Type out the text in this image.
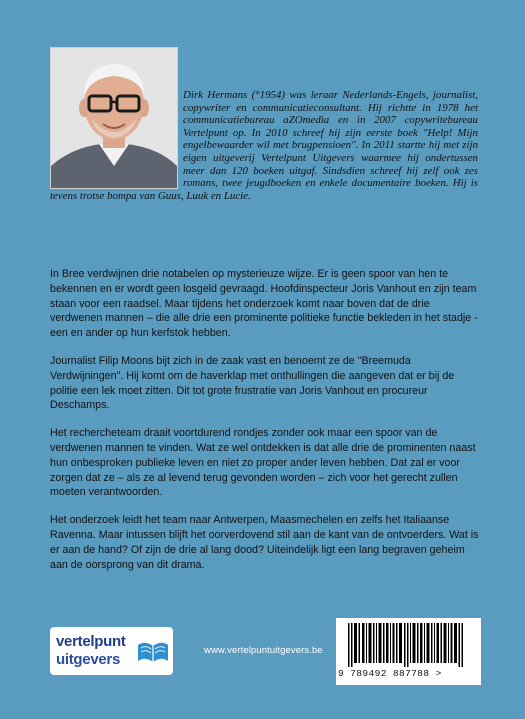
Dirk Hermans (°1954) was leraar Nederlands-Engels, journalist, copywriter en communicatieconsultant. Hij richtte in 1978 het communicatiebureau aZOmedia en in 2007 copywritebureau Vertelpunt op. In 2010 schreef hij zijn eerste boek "Help! Mijn engelbewaarder wil met brugpensioen". In 2011 startte hij met zijn eigen uitgeverij Vertelpunt Uitgevers waarmee hij ondertussen meer dan 120 boeken uitgaf. Sindsdien schreef hij zelf ook zes romans, twee jeugdboeken en enkele documentaire boeken. Hij is tevens trotse bompa van Guus, Luuk en Lucie.

In Bree verdwijnen drie notabelen op mysterieuze wijze. Er is geen spoor van hen te bekennen en er wordt geen losgeld gevraagd. Hoofdinspecteur Joris Vanhout en zijn team staan voor een raadsel. Maar tijdens het onderzoek komt naar boven dat de drie verdwenen mannen – die alle drie een prominente politieke functie bekleden in het stadje - een en ander op hun kerfstok hebben.

Journalist Filip Moons bijt zich in de zaak vast en benoemt ze de "Breemuda Verdwijningen". Hij komt om de haverklap met onthullingen die aangeven dat er bij de politie een lek moet zitten. Dit tot grote frustratie van Joris Vanhout en procureur Deschamps.

Het rechercheteam draait voortdurend rondjes zonder ook maar een spoor van de verdwenen mannen te vinden. Wat ze wel ontdekken is dat alle drie de prominenten naast hun onbesproken publieke leven en niet zo proper ander leven hebben. Dat zal er voor zorgen dat ze – als ze al levend terug gevonden worden – zich voor het gerecht zullen moeten verantwoorden.

Het onderzoek leidt het team naar Antwerpen, Maasmechelen en zelfs het Italiaanse Ravenna. Maar intussen blijft het oorverdovend stil aan de kant van de ontvoerders. Wat is er aan de hand? Of zijn de drie al lang dood? Uiteindelijk ligt een lang begraven geheim aan de oorsprong van dit drama.

vertelpunt
uitgevers
www.vertelpuntuitgevers.be
9 789492 887788 >
